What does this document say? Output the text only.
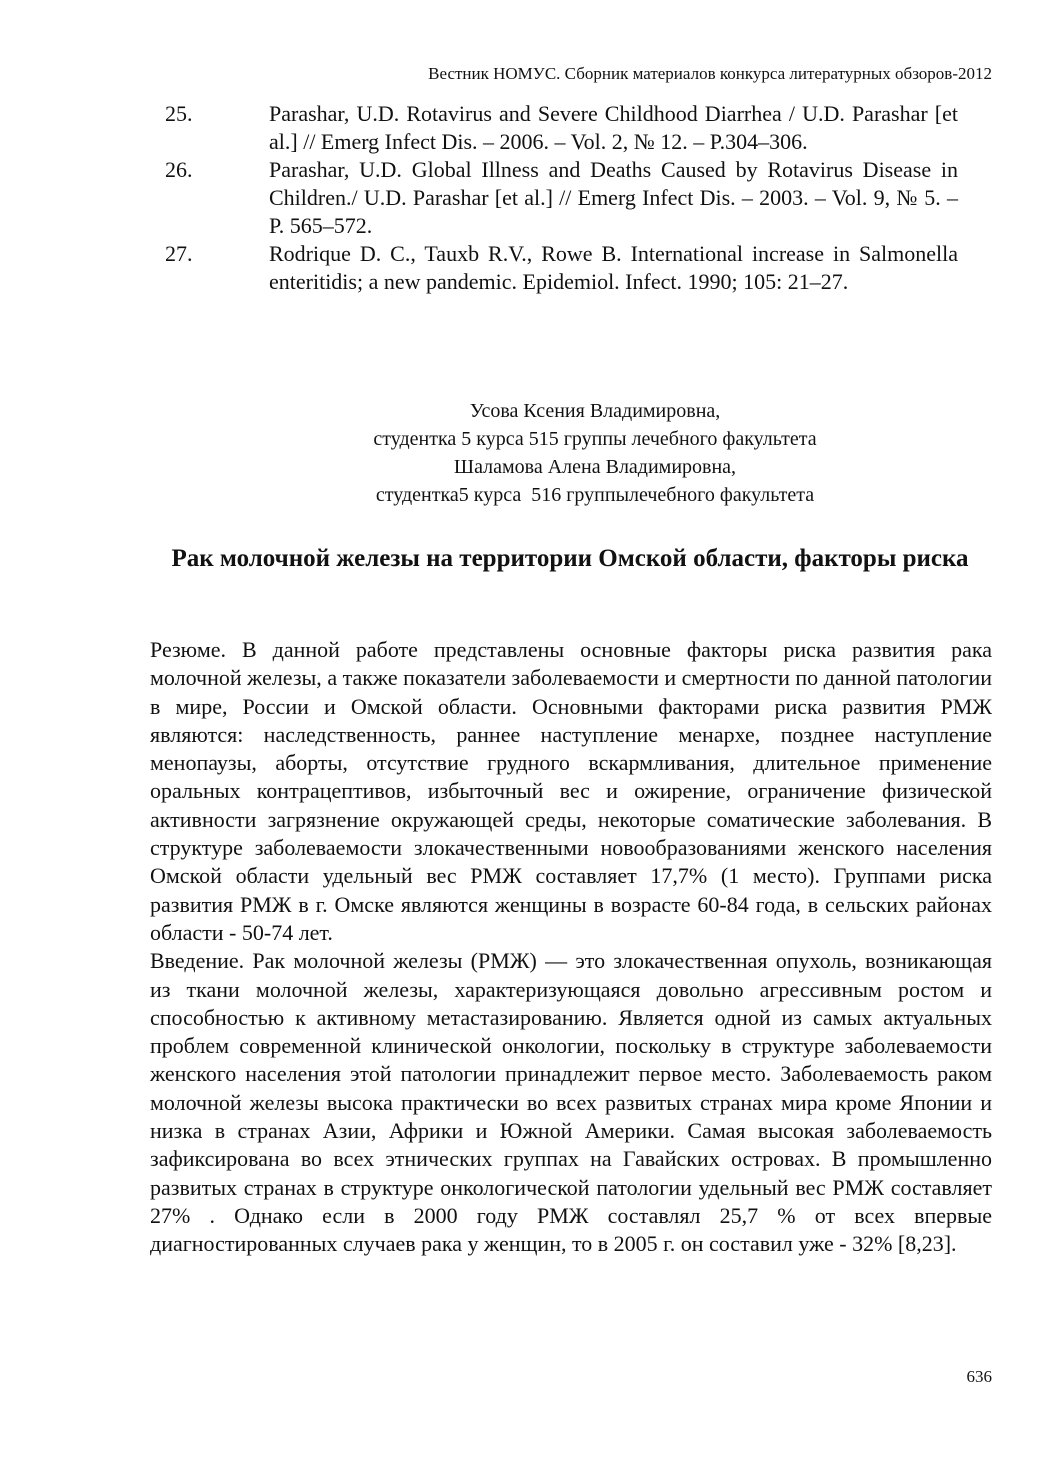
Вестник НОМУС. Сборник материалов конкурса литературных обзоров-2012
25.	Parashar, U.D. Rotavirus and Severe Childhood Diarrhea / U.D. Parashar [et al.] // Emerg Infect Dis. – 2006. – Vol. 2, № 12. – P.304–306.
26.	Parashar, U.D. Global Illness and Deaths Caused by Rotavirus Disease in Children./ U.D. Parashar [et al.] // Emerg Infect Dis. – 2003. – Vol. 9, № 5. – P. 565–572.
27.	Rodrique D. C., Tauxb R.V., Rowe B. International increase in Salmonella enteritidis; a new pandemic. Epidemiol. Infect. 1990; 105: 21–27.
Усова Ксения Владимировна,
студентка 5 курса 515 группы лечебного факультета
Шаламова Алена Владимировна,
студентка5 курса  516 группылечебного факультета
Рак молочной железы на территории Омской области, факторы риска

Резюме. В данной работе представлены основные факторы риска развития рака молочной железы, а также показатели заболеваемости и смертности по данной патологии в мире, России и Омской области. Основными факторами риска развития РМЖ являются: наследственность, раннее наступление менархе, позднее наступление менопаузы, аборты, отсутствие грудного вскармливания, длительное применение оральных контрацептивов, избыточный вес и ожирение, ограничение физической активности загрязнение окружающей среды, некоторые соматические заболевания. В структуре заболеваемости злокачественными новообразованиями женского населения Омской области удельный вес РМЖ составляет 17,7% (1 место). Группами риска развития РМЖ в г. Омске являются женщины в возрасте 60-84 года, в сельских районах области - 50-74 лет.

Введение. Рак молочной железы (РМЖ) — это злокачественная опухоль, возникающая из ткани молочной железы, характеризующаяся довольно агрессивным ростом и способностью к активному метастазированию. Является одной из самых актуальных проблем современной клинической онкологии, поскольку в структуре заболеваемости женского населения этой патологии принадлежит первое место. Заболеваемость раком молочной железы высока практически во всех развитых странах мира кроме Японии и низка в странах Азии, Африки и Южной Америки. Самая высокая заболеваемость зафиксирована во всех этнических группах на Гавайских островах. В промышленно развитых странах в структуре онкологической патологии удельный вес РМЖ составляет 27% . Однако если в 2000 году РМЖ составлял 25,7 % от всех впервые диагностированных случаев рака у женщин, то в 2005 г. он составил уже - 32% [8,23].

636
